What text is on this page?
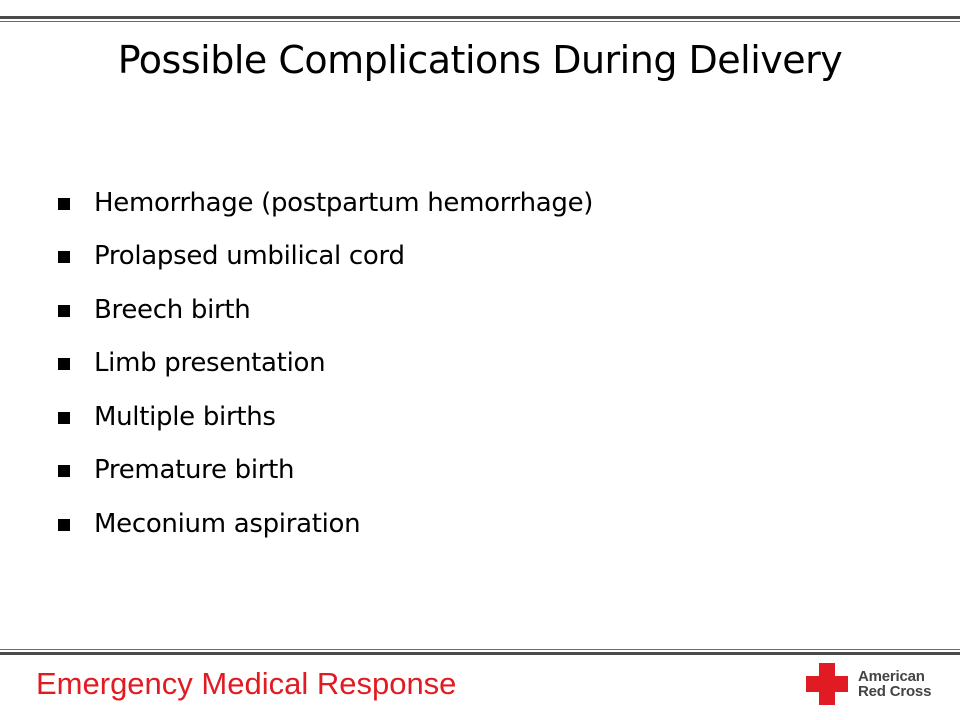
Possible Complications During Delivery
Hemorrhage (postpartum hemorrhage)
Prolapsed umbilical cord
Breech birth
Limb presentation
Multiple births
Premature birth
Meconium aspiration
Emergency Medical Response	American
Red Cross
